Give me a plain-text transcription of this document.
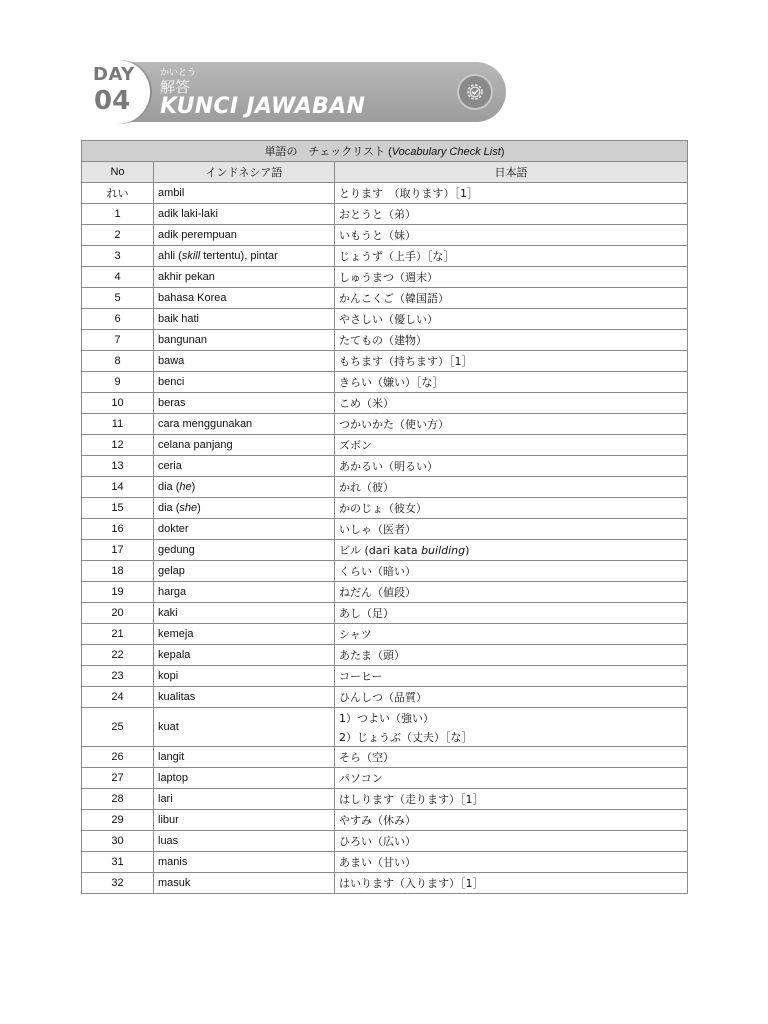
DAY
04
かいとう
解答
KUNCI JAWABAN
単語の　チェックリスト (Vocabulary Check List)		
No	インドネシア語	日本語
れい	ambil	とります　（取ります）［1］
1	adik laki-laki	おとうと（弟）
2	adik perempuan	いもうと（妹）
3	ahli (skill tertentu), pintar	じょうず（上手）［な］
4	akhir pekan	しゅうまつ（週末）
5	bahasa Korea	かんこくご（韓国語）
6	baik hati	やさしい（優しい）
7	bangunan	たてもの（建物）
8	bawa	もちます（持ちます）［1］
9	benci	きらい（嫌い）［な］
10	beras	こめ（米）
11	cara menggunakan	つかいかた（使い方）
12	celana panjang	ズボン
13	ceria	あかるい（明るい）
14	dia (he)	かれ（彼）
15	dia (she)	かのじょ（彼女）
16	dokter	いしゃ（医者）
17	gedung	ビル (dari kata building)
18	gelap	くらい（暗い）
19	harga	ねだん（値段）
20	kaki	あし（足）
21	kemeja	シャツ
22	kepala	あたま（頭）
23	kopi	コーヒー
24	kualitas	ひんしつ（品質）
25	kuat	1）つよい（強い）
2）じょうぶ（丈夫）［な］

26	langit	そら（空）
27	laptop	パソコン
28	lari	はしります（走ります）［1］
29	libur	やすみ（休み）
30	luas	ひろい（広い）
31	manis	あまい（甘い）
32	masuk	はいります（入ります）［1］
